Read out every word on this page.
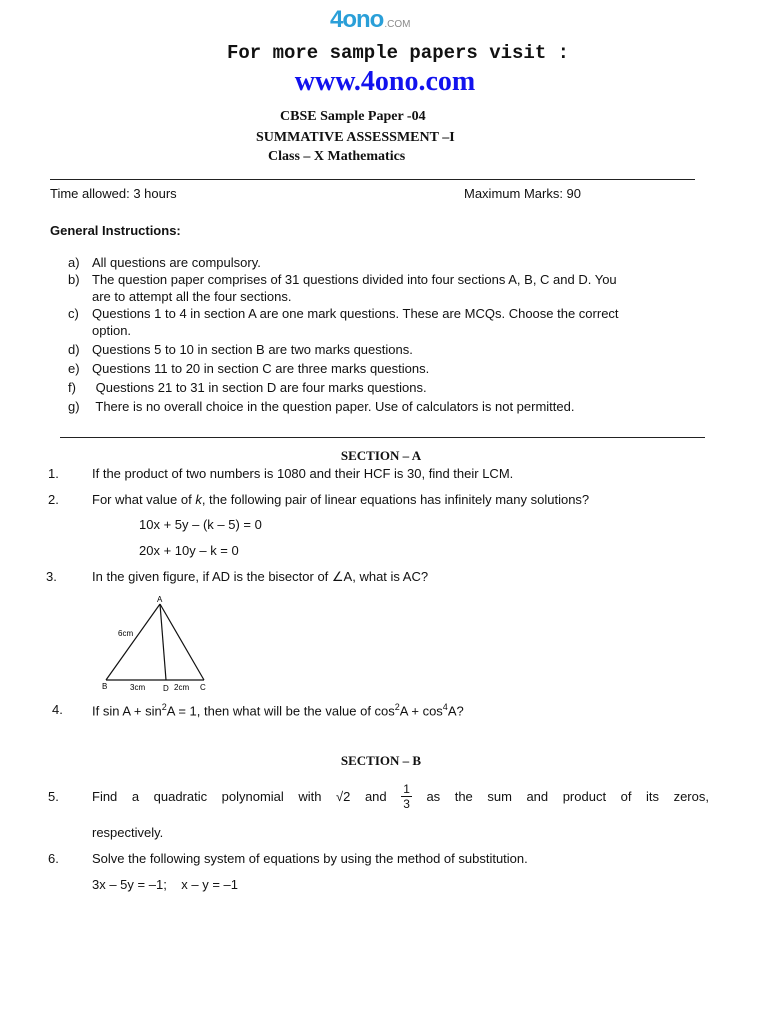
4ono.COM
For more sample papers visit :
www.4ono.com
CBSE Sample Paper -04
SUMMATIVE ASSESSMENT –I
Class – X Mathematics
Time allowed: 3 hours	Maximum Marks: 90
General Instructions:
a) All questions are compulsory.
b) The question paper comprises of 31 questions divided into four sections A, B, C and D. You
are to attempt all the four sections.
c) Questions 1 to 4 in section A are one mark questions. These are MCQs. Choose the correct
option.
d) Questions 5 to 10 in section B are two marks questions.
e) Questions 11 to 20 in section C are three marks questions.
f) Questions 21 to 31 in section D are four marks questions.
g) There is no overall choice in the question paper. Use of calculators is not permitted.
SECTION – A
1.	If the product of two numbers is 1080 and their HCF is 30, find their LCM.
2.	For what value of k, the following pair of linear equations has infinitely many solutions?
10x + 5y – (k – 5) = 0
20x + 10y – k = 0
3.	In the given figure, if AD is the bisector of ∠A, what is AC?
A
B	C
D
6cm
3cm	2cm
4. If $\sin A + \sin^2A = 1$, then what will be the value of $\cos^2A + \cos^4A$?
SECTION – B
5.	Find a quadratic polynomial with √2 and $\frac{1}{3}$ as the sum and product of its zeros,
respectively.
6.	Solve the following system of equations by using the method of substitution.
3x – 5y = –1;    x – y = –1
